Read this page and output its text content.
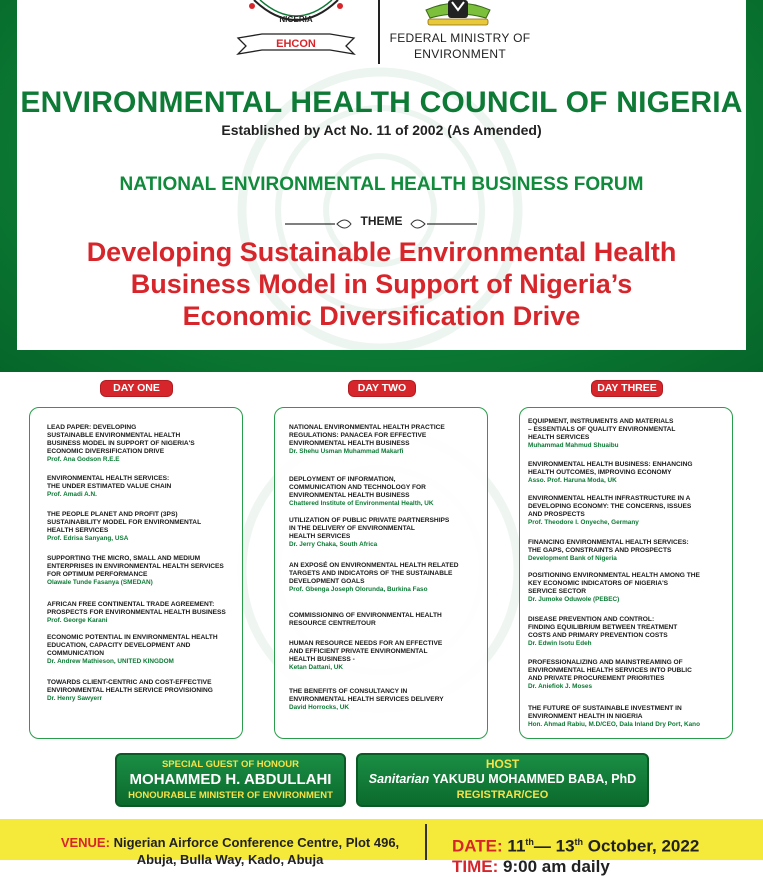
NIGERIA
EHCON	FEDERAL MINISTRY OF
ENVIRONMENT
ENVIRONMENTAL HEALTH COUNCIL OF NIGERIA
Established by Act No. 11 of 2002 (As Amended)
NATIONAL ENVIRONMENTAL HEALTH BUSINESS FORUM
THEME
Developing Sustainable Environmental Health
Business Model in Support of Nigeria’s
Economic Diversification Drive
DAY ONE	DAY TWO	DAY THREE
LEAD PAPER: DEVELOPING
SUSTAINABLE ENVIRONMENTAL HEALTH
BUSINESS MODEL IN SUPPORT OF NIGERIA'S
ECONOMIC DIVERSIFICATION DRIVE
Prof. Ana Godson R.E.E
ENVIRONMENTAL HEALTH SERVICES:
THE UNDER ESTIMATED VALUE CHAIN
Prof. Amadi A.N.
THE PEOPLE PLANET AND PROFIT (3PS)
SUSTAINABILITY MODEL FOR ENVIRONMENTAL
HEALTH SERVICES
Prof. Edrisa Sanyang, USA
SUPPORTING THE MICRO, SMALL AND MEDIUM
ENTERPRISES IN ENVIRONMENTAL HEALTH SERVICES
FOR OPTIMUM PERFORMANCE
Olawale Tunde Fasanya (SMEDAN)
AFRICAN FREE CONTINENTAL TRADE AGREEMENT:
PROSPECTS FOR ENVIRONMENTAL HEALTH BUSINESS
Prof. George Karani
ECONOMIC POTENTIAL IN ENVIRONMENTAL HEALTH
EDUCATION, CAPACITY DEVELOPMENT AND
COMMUNICATION
Dr. Andrew Mathieson, UNITED KINGDOM
TOWARDS CLIENT-CENTRIC AND COST-EFFECTIVE
ENVIRONMENTAL HEALTH SERVICE PROVISIONING
Dr. Henry Sawyerr
NATIONAL ENVIRONMENTAL HEALTH PRACTICE
REGULATIONS: PANACEA FOR EFFECTIVE
ENVIRONMENTAL HEALTH BUSINESS
Dr. Shehu Usman Muhammad Makarfi
DEPLOYMENT OF INFORMATION,
COMMUNICATION AND TECHNOLOGY FOR
ENVIRONMENTAL HEALTH BUSINESS
Chattered Institute of Environmental Health, UK
UTILIZATION OF PUBLIC PRIVATE PARTNERSHIPS
IN THE DELIVERY OF ENVIRONMENTAL
HEALTH SERVICES
Dr. Jerry Chaka, South Africa
AN EXPOSÉ ON ENVIRONMENTAL HEALTH RELATED
TARGETS AND INDICATORS OF THE SUSTAINABLE
DEVELOPMENT GOALS
Prof. Gbenga Joseph Olorunda, Burkina Faso
COMMISSIONING OF ENVIRONMENTAL HEALTH
RESOURCE CENTRE/TOUR
HUMAN RESOURCE NEEDS FOR AN EFFECTIVE
AND EFFICIENT PRIVATE ENVIRONMENTAL
HEALTH BUSINESS -
Ketan Dattani, UK
THE BENEFITS OF CONSULTANCY IN
ENVIRONMENTAL HEALTH SERVICES DELIVERY
David Horrocks, UK
EQUIPMENT, INSTRUMENTS AND MATERIALS
– ESSENTIALS OF QUALITY ENVIRONMENTAL
HEALTH SERVICES
Muhammad Mahmud Shuaibu
ENVIRONMENTAL HEALTH BUSINESS: ENHANCING
HEALTH OUTCOMES, IMPROVING ECONOMY
Asso. Prof. Haruna Moda, UK
ENVIRONMENTAL HEALTH INFRASTRUCTURE IN A
DEVELOPING ECONOMY: THE CONCERNS, ISSUES
AND PROSPECTS
Prof. Theodore I. Onyeche, Germany
FINANCING ENVIRONMENTAL HEALTH SERVICES:
THE GAPS, CONSTRAINTS AND PROSPECTS
Development Bank of Nigeria
POSITIONING ENVIRONMENTAL HEALTH AMONG THE
KEY ECONOMIC INDICATORS OF NIGERIA'S
SERVICE SECTOR
Dr. Jumoke Oduwole (PEBEC)
DISEASE PREVENTION AND CONTROL:
FINDING EQUILIBRIUM BETWEEN TREATMENT
COSTS AND PRIMARY PREVENTION COSTS
Dr. Edwin Isotu Edeh
PROFESSIONALIZING AND MAINSTREAMING OF
ENVIRONMENTAL HEALTH SERVICES INTO PUBLIC
AND PRIVATE PROCUREMENT PRIORITIES
Dr. Aniefiok J. Moses
THE FUTURE OF SUSTAINABLE INVESTMENT IN
ENVIRONMENT HEALTH IN NIGERIA
Hon. Ahmad Rabiu, M.D/CEO, Dala Inland Dry Port, Kano
SPECIAL GUEST OF HONOUR
MOHAMMED H. ABDULLAHI
HONOURABLE MINISTER OF ENVIRONMENT
HOST
Sanitarian YAKUBU MOHAMMED BABA, PhD
REGISTRAR/CEO
VENUE: Nigerian Airforce Conference Centre, Plot 496,
Abuja, Bulla Way, Kado, Abuja
DATE: 11th— 13th October, 2022
TIME: 9:00 am daily
